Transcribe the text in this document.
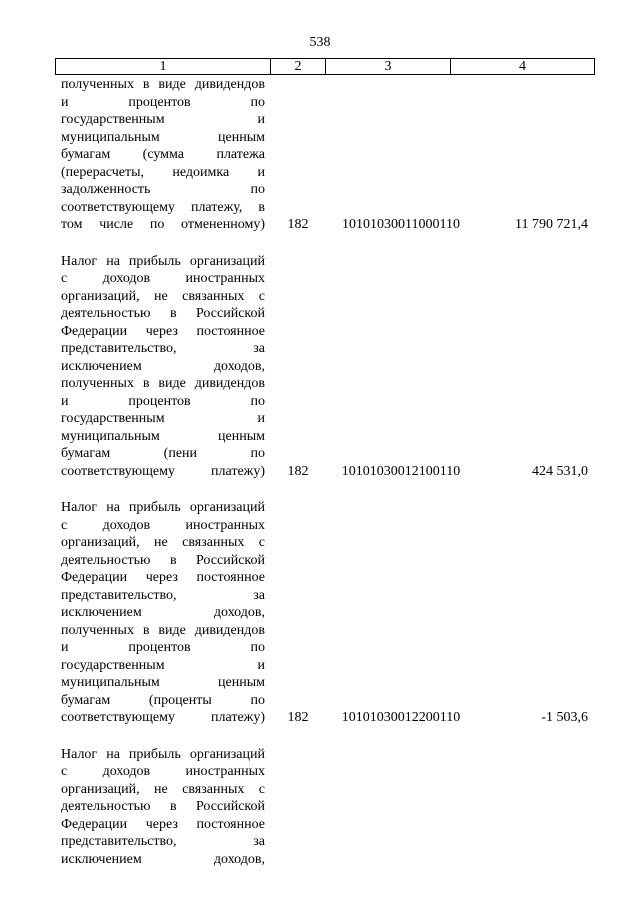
538
1	2	3	4
полученных в виде дивидендов
и процентов по
государственным и
муниципальным ценным
бумагам (сумма платежа
(перерасчеты, недоимка и
задолженность по
соответствующему платежу, в
том числе по отмененному)	182	10101030011000110	11 790 721,4
Налог на прибыль организаций
с доходов иностранных
организаций, не связанных с
деятельностью в Российской
Федерации через постоянное
представительство, за
исключением доходов,
полученных в виде дивидендов
и процентов по
государственным и
муниципальным ценным
бумагам (пени по
соответствующему платежу)	182	10101030012100110	424 531,0
Налог на прибыль организаций
с доходов иностранных
организаций, не связанных с
деятельностью в Российской
Федерации через постоянное
представительство, за
исключением доходов,
полученных в виде дивидендов
и процентов по
государственным и
муниципальным ценным
бумагам (проценты по
соответствующему платежу)	182	10101030012200110	-1 503,6
Налог на прибыль организаций
с доходов иностранных
организаций, не связанных с
деятельностью в Российской
Федерации через постоянное
представительство, за
исключением доходов,
